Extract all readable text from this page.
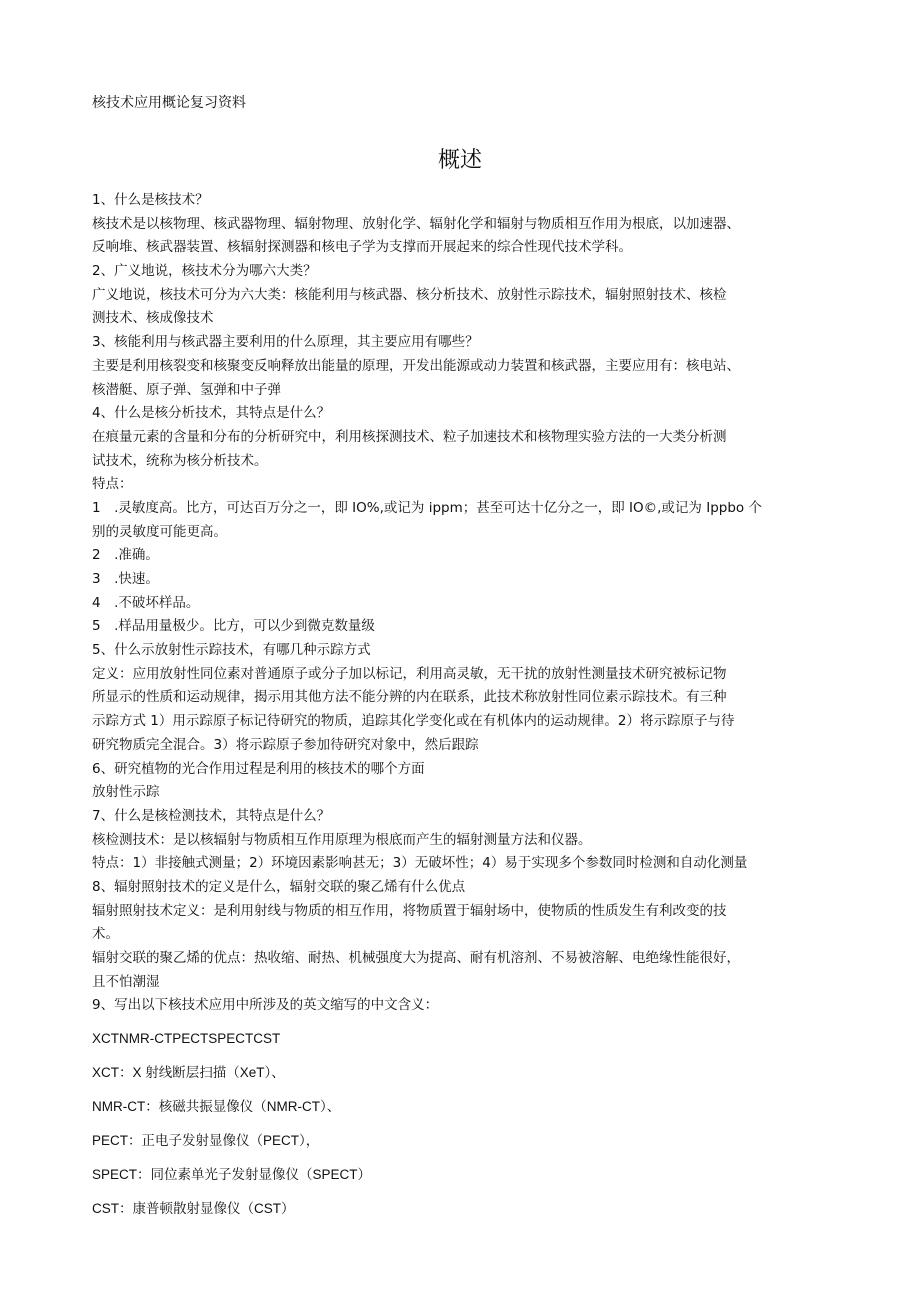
核技术应用概论复习资料
概述
1、什么是核技术？
核技术是以核物理、核武器物理、辐射物理、放射化学、辐射化学和辐射与物质相互作用为根底，以加速器、
反响堆、核武器装置、核辐射探测器和核电子学为支撑而开展起来的综合性现代技术学科。
2、广义地说，核技术分为哪六大类？
广义地说，核技术可分为六大类：核能利用与核武器、核分析技术、放射性示踪技术，辐射照射技术、核检
测技术、核成像技术
3、核能利用与核武器主要利用的什么原理，其主要应用有哪些？
主要是利用核裂变和核聚变反响释放出能量的原理，开发出能源或动力装置和核武器，主要应用有：核电站、
核潜艇、原子弹、氢弹和中子弹
4、什么是核分析技术，其特点是什么？
在痕量元素的含量和分布的分析研究中，利用核探测技术、粒子加速技术和核物理实验方法的一大类分析测
试技术，统称为核分析技术。
特点：
1　.灵敏度高。比方，可达百万分之一，即 IO%,或记为 ippm；甚至可达十亿分之一，即 IO©,或记为 Ippbo 个
别的灵敏度可能更高。
2　.准确。
3　.快速。
4　.不破坏样品。
5　.样品用量极少。比方，可以少到微克数量级
5、什么示放射性示踪技术，有哪几种示踪方式
定义：应用放射性同位素对普通原子或分子加以标记，利用高灵敏，无干扰的放射性测量技术研究被标记物
所显示的性质和运动规律，揭示用其他方法不能分辨的内在联系，此技术称放射性同位素示踪技术。有三种
示踪方式 1）用示踪原子标记待研究的物质，追踪其化学变化或在有机体内的运动规律。2）将示踪原子与待
研究物质完全混合。3）将示踪原子参加待研究对象中，然后跟踪
6、研究植物的光合作用过程是利用的核技术的哪个方面
放射性示踪
7、什么是核检测技术，其特点是什么？
核检测技术：是以核辐射与物质相互作用原理为根底而产生的辐射测量方法和仪器。
特点：1）非接触式测量；2）环境因素影响甚无；3）无破坏性；4）易于实现多个参数同时检测和自动化测量
8、辐射照射技术的定义是什么，辐射交联的聚乙烯有什么优点
辐射照射技术定义：是利用射线与物质的相互作用，将物质置于辐射场中，使物质的性质发生有利改变的技
术。
辐射交联的聚乙烯的优点：热收缩、耐热、机械强度大为提高、耐有机溶剂、不易被溶解、电绝缘性能很好，
且不怕潮湿
9、写出以下核技术应用中所涉及的英文缩写的中文含义：
XCTNMR-CTPECTSPECTCST
XCT：X 射线断层扫描（XeT）、
NMR-CT：核磁共振显像仪（NMR-CT）、
PECT：正电子发射显像仪（PECT），
SPECT：同位素单光子发射显像仪（SPECT）
CST：康普顿散射显像仪（CST）
